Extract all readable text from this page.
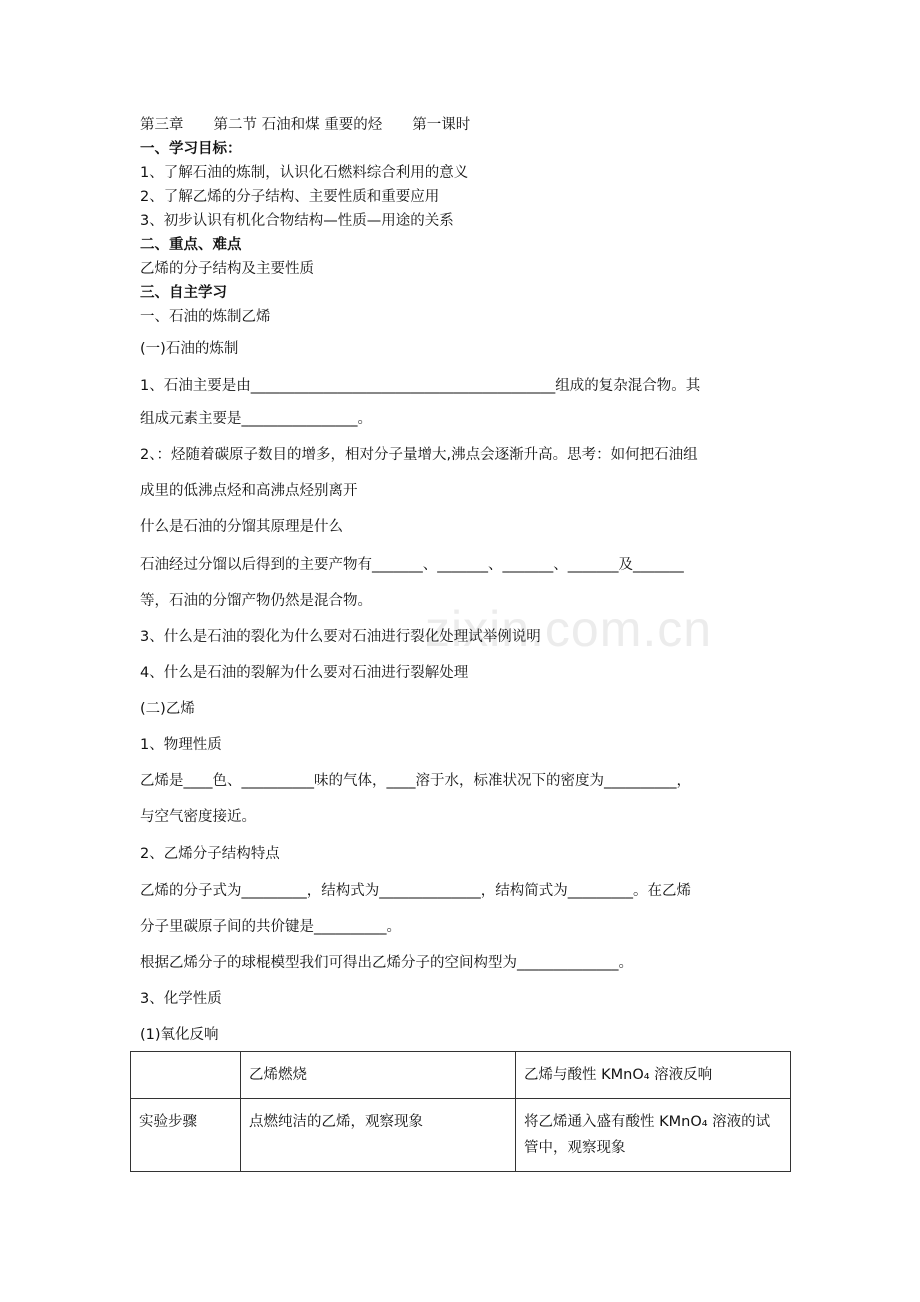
zixin.com.cn
第三章 第二节 石油和煤 重要的烃 第一课时
一、学习目标：
1、了解石油的炼制，认识化石燃料综合利用的意义
2、了解乙烯的分子结构、主要性质和重要应用
3、初步认识有机化合物结构—性质—用途的关系
二、重点、难点
乙烯的分子结构及主要性质
三、自主学习
一、石油的炼制乙烯
(一)石油的炼制
1、石油主要是由__________________________________________组成的复杂混合物。其
组成元素主要是________________。
2、：烃随着碳原子数目的增多，相对分子量增大,沸点会逐渐升高。思考：如何把石油组
成里的低沸点烃和高沸点烃别离开
什么是石油的分馏其原理是什么
石油经过分馏以后得到的主要产物有_______、_______、_______、_______及_______
等，石油的分馏产物仍然是混合物。
3、什么是石油的裂化为什么要对石油进行裂化处理试举例说明
4、什么是石油的裂解为什么要对石油进行裂解处理
(二)乙烯
1、物理性质
乙烯是____色、__________味的气体，____溶于水，标准状况下的密度为__________，
与空气密度接近。
2、乙烯分子结构特点
乙烯的分子式为_________，结构式为______________，结构简式为_________。在乙烯
分子里碳原子间的共价键是__________。
根据乙烯分子的球棍模型我们可得出乙烯分子的空间构型为______________。
3、化学性质
(1)氧化反响
	乙烯燃烧	乙烯与酸性 KMnO₄ 溶液反响
实验步骤	点燃纯洁的乙烯，观察现象	将乙烯通入盛有酸性 KMnO₄ 溶液的试管中，观察现象
